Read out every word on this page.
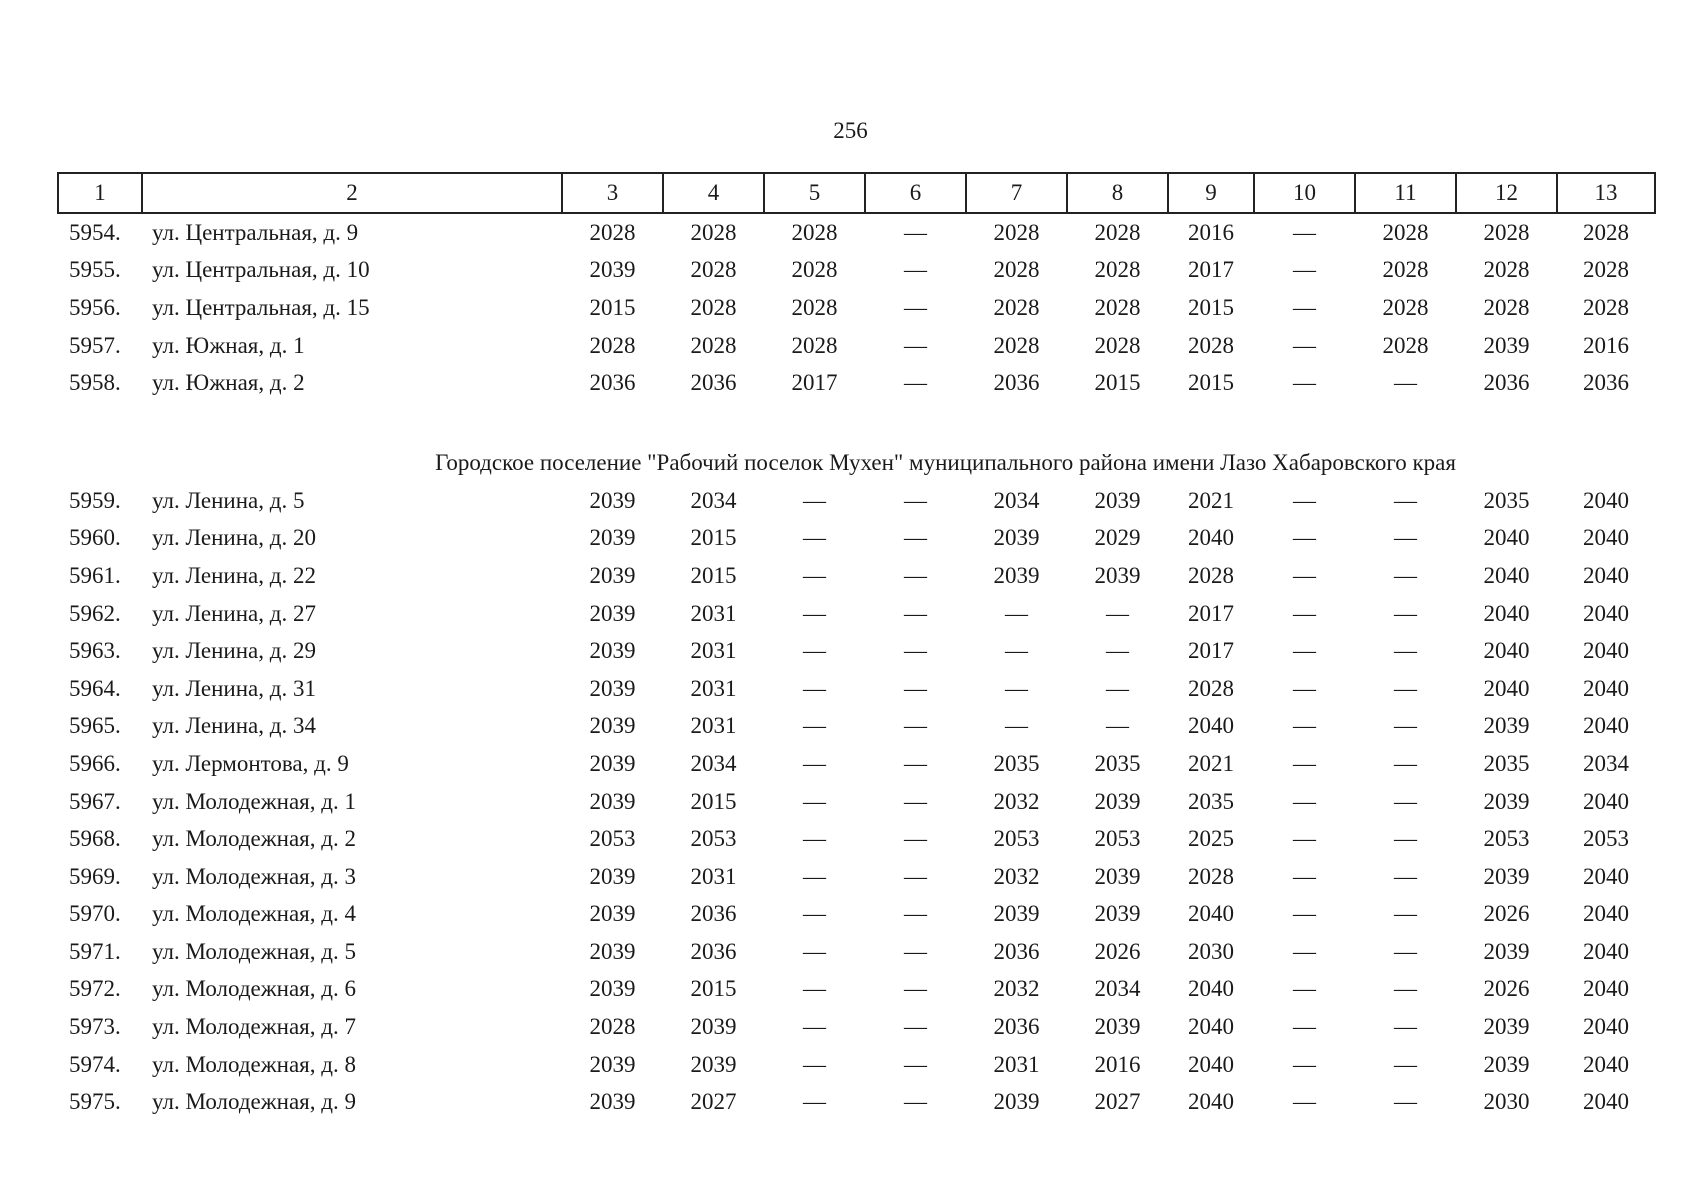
256
1	2	3	4	5	6	7	8	9	10	11	12	13
5954.	ул. Центральная, д. 9	2028	2028	2028	—	2028	2028	2016	—	2028	2028	2028
5955.	ул. Центральная, д. 10	2039	2028	2028	—	2028	2028	2017	—	2028	2028	2028
5956.	ул. Центральная, д. 15	2015	2028	2028	—	2028	2028	2015	—	2028	2028	2028
5957.	ул. Южная, д. 1	2028	2028	2028	—	2028	2028	2028	—	2028	2039	2016
5958.	ул. Южная, д. 2	2036	2036	2017	—	2036	2015	2015	—	—	2036	2036

Городское поселение "Рабочий поселок Мухен" муниципального района имени Лазо Хабаровского края												
5959.	ул. Ленина, д. 5	2039	2034	—	—	2034	2039	2021	—	—	2035	2040
5960.	ул. Ленина, д. 20	2039	2015	—	—	2039	2029	2040	—	—	2040	2040
5961.	ул. Ленина, д. 22	2039	2015	—	—	2039	2039	2028	—	—	2040	2040
5962.	ул. Ленина, д. 27	2039	2031	—	—	—	—	2017	—	—	2040	2040
5963.	ул. Ленина, д. 29	2039	2031	—	—	—	—	2017	—	—	2040	2040
5964.	ул. Ленина, д. 31	2039	2031	—	—	—	—	2028	—	—	2040	2040
5965.	ул. Ленина, д. 34	2039	2031	—	—	—	—	2040	—	—	2039	2040
5966.	ул. Лермонтова, д. 9	2039	2034	—	—	2035	2035	2021	—	—	2035	2034
5967.	ул. Молодежная, д. 1	2039	2015	—	—	2032	2039	2035	—	—	2039	2040
5968.	ул. Молодежная, д. 2	2053	2053	—	—	2053	2053	2025	—	—	2053	2053
5969.	ул. Молодежная, д. 3	2039	2031	—	—	2032	2039	2028	—	—	2039	2040
5970.	ул. Молодежная, д. 4	2039	2036	—	—	2039	2039	2040	—	—	2026	2040
5971.	ул. Молодежная, д. 5	2039	2036	—	—	2036	2026	2030	—	—	2039	2040
5972.	ул. Молодежная, д. 6	2039	2015	—	—	2032	2034	2040	—	—	2026	2040
5973.	ул. Молодежная, д. 7	2028	2039	—	—	2036	2039	2040	—	—	2039	2040
5974.	ул. Молодежная, д. 8	2039	2039	—	—	2031	2016	2040	—	—	2039	2040
5975.	ул. Молодежная, д. 9	2039	2027	—	—	2039	2027	2040	—	—	2030	2040
